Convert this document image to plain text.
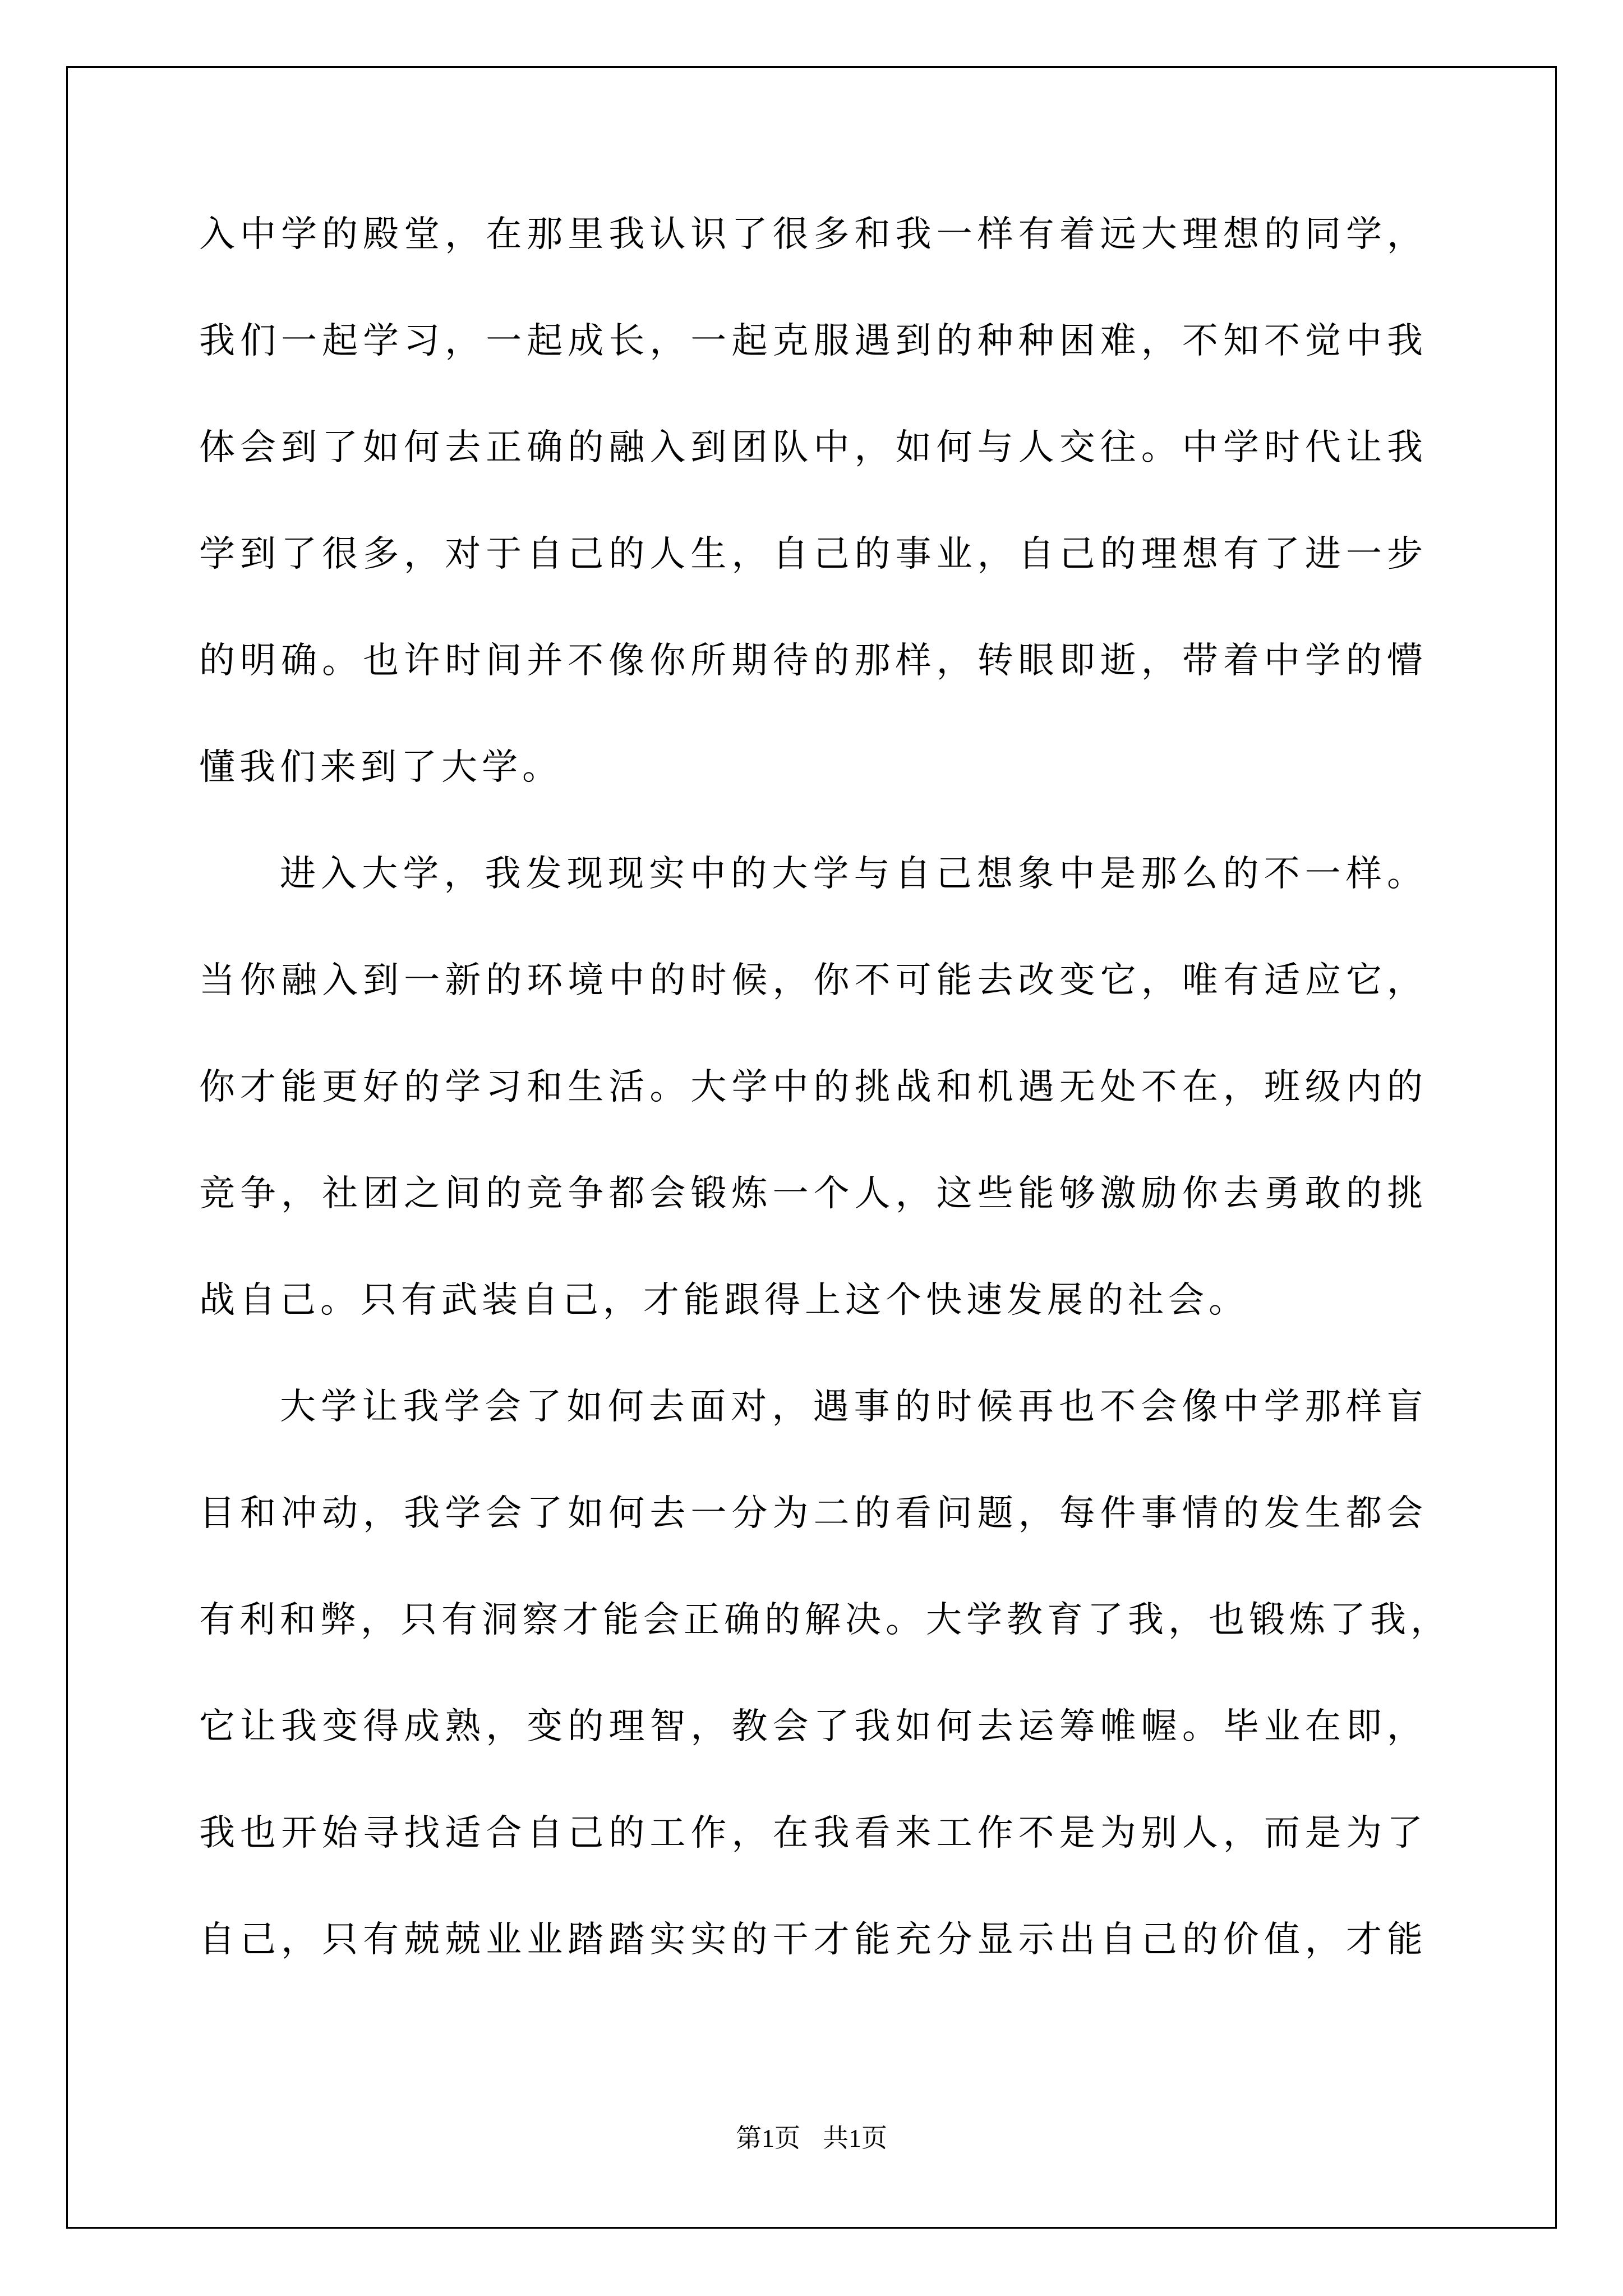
入中学的殿堂，在那里我认识了很多和我一样有着远大理想的同学，
我们一起学习，一起成长，一起克服遇到的种种困难，不知不觉中我
体会到了如何去正确的融入到团队中，如何与人交往。中学时代让我
学到了很多，对于自己的人生，自己的事业，自己的理想有了进一步
的明确。也许时间并不像你所期待的那样，转眼即逝，带着中学的懵
懂我们来到了大学。
进入大学，我发现现实中的大学与自己想象中是那么的不一样。
当你融入到一新的环境中的时候，你不可能去改变它，唯有适应它，
你才能更好的学习和生活。大学中的挑战和机遇无处不在，班级内的
竞争，社团之间的竞争都会锻炼一个人，这些能够激励你去勇敢的挑
战自己。只有武装自己，才能跟得上这个快速发展的社会。
大学让我学会了如何去面对，遇事的时候再也不会像中学那样盲
目和冲动，我学会了如何去一分为二的看问题，每件事情的发生都会
有利和弊，只有洞察才能会正确的解决。大学教育了我，也锻炼了我，
它让我变得成熟，变的理智，教会了我如何去运筹帷幄。毕业在即，
我也开始寻找适合自己的工作，在我看来工作不是为别人，而是为了
自己，只有兢兢业业踏踏实实的干才能充分显示出自己的价值，才能
第1页 共1页
